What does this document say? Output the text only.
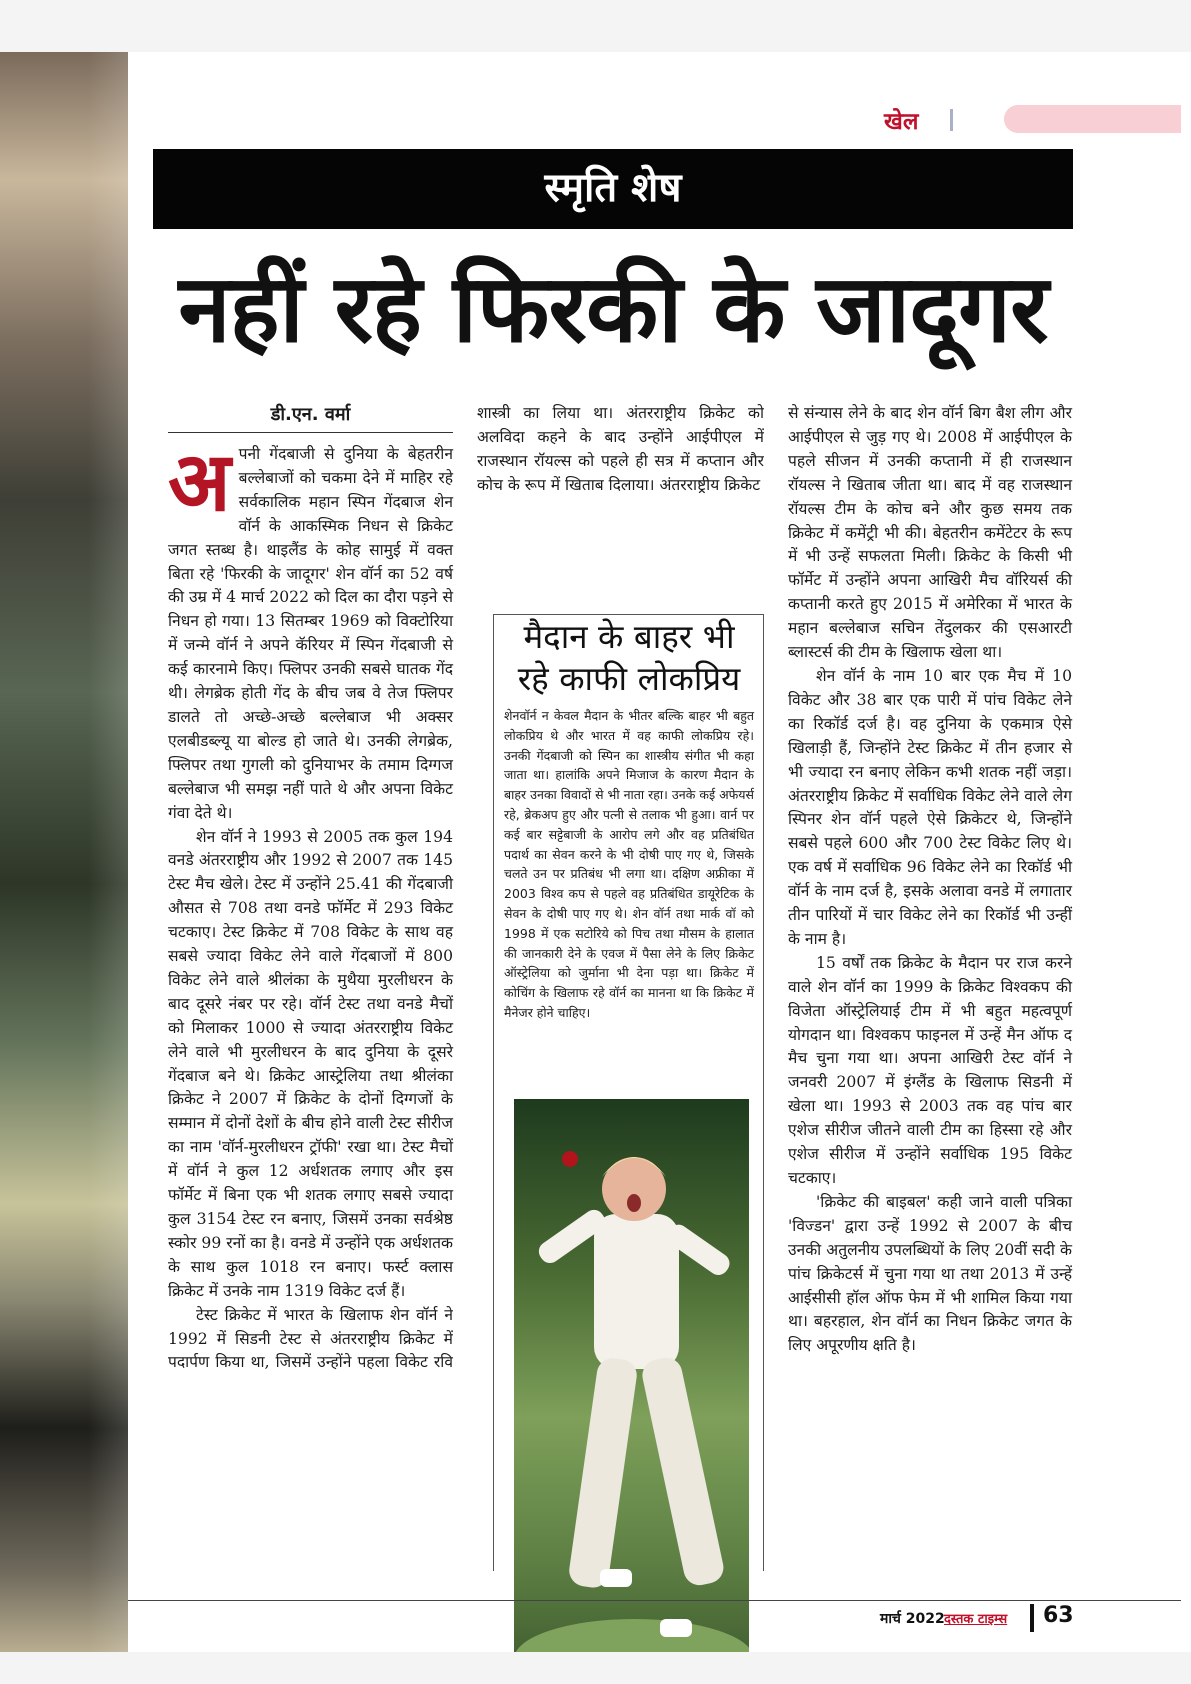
खेल
स्मृति शेष
नहीं रहे फिरकी के जादूगर
डी.एन. वर्मा
अ पनी गेंदबाजी से दुनिया के बेहतरीन बल्लेबाजों को चकमा देने में माहिर रहे सर्वकालिक महान स्पिन गेंदबाज शेन वॉर्न के आकस्मिक निधन से क्रिकेट जगत स्तब्ध है। थाइलैंड के कोह सामुई में वक्त बिता रहे 'फिरकी के जादूगर' शेन वॉर्न का 52 वर्ष की उम्र में 4 मार्च 2022 को दिल का दौरा पड़ने से निधन हो गया। 13 सितम्बर 1969 को विक्टोरिया में जन्मे वॉर्न ने अपने कॅरियर में स्पिन गेंदबाजी से कई कारनामे किए। फ्लिपर उनकी सबसे घातक गेंद थी। लेगब्रेक होती गेंद के बीच जब वे तेज फ्लिपर डालते तो अच्छे-अच्छे बल्लेबाज भी अक्सर एलबीडब्ल्यू या बोल्ड हो जाते थे। उनकी लेगब्रेक, फ्लिपर तथा गुगली को दुनियाभर के तमाम दिग्गज बल्लेबाज भी समझ नहीं पाते थे और अपना विकेट गंवा देते थे।

शेन वॉर्न ने 1993 से 2005 तक कुल 194 वनडे अंतरराष्ट्रीय और 1992 से 2007 तक 145 टेस्ट मैच खेले। टेस्ट में उन्होंने 25.41 की गेंदबाजी औसत से 708 तथा वनडे फॉर्मेट में 293 विकेट चटकाए। टेस्ट क्रिकेट में 708 विकेट के साथ वह सबसे ज्यादा विकेट लेने वाले गेंदबाजों में 800 विकेट लेने वाले श्रीलंका के मुथैया मुरलीधरन के बाद दूसरे नंबर पर रहे। वॉर्न टेस्ट तथा वनडे मैचों को मिलाकर 1000 से ज्यादा अंतरराष्ट्रीय विकेट लेने वाले भी मुरलीधरन के बाद दुनिया के दूसरे गेंदबाज बने थे। क्रिकेट आस्ट्रेलिया तथा श्रीलंका क्रिकेट ने 2007 में क्रिकेट के दोनों दिग्गजों के सम्मान में दोनों देशों के बीच होने वाली टेस्ट सीरीज का नाम 'वॉर्न-मुरलीधरन ट्रॉफी' रखा था। टेस्ट मैचों में वॉर्न ने कुल 12 अर्धशतक लगाए और इस फॉर्मेट में बिना एक भी शतक लगाए सबसे ज्यादा कुल 3154 टेस्ट रन बनाए, जिसमें उनका सर्वश्रेष्ठ स्कोर 99 रनों का है। वनडे में उन्होंने एक अर्धशतक के साथ कुल 1018 रन बनाए। फर्स्ट क्लास क्रिकेट में उनके नाम 1319 विकेट दर्ज हैं।

टेस्ट क्रिकेट में भारत के खिलाफ शेन वॉर्न ने 1992 में सिडनी टेस्ट से अंतरराष्ट्रीय क्रिकेट में पदार्पण किया था, जिसमें उन्होंने पहला विकेट रवि

शास्त्री का लिया था। अंतरराष्ट्रीय क्रिकेट को अलविदा कहने के बाद उन्होंने आईपीएल में राजस्थान रॉयल्स को पहले ही सत्र में कप्तान और कोच के रूप में खिताब दिलाया। अंतरराष्ट्रीय क्रिकेट

मैदान के बाहर भी
रहे काफी लोकप्रिय
शेनवॉर्न न केवल मैदान के भीतर बल्कि बाहर भी बहुत लोकप्रिय थे और भारत में वह काफी लोकप्रिय रहे। उनकी गेंदबाजी को स्पिन का शास्त्रीय संगीत भी कहा जाता था। हालांकि अपने मिजाज के कारण मैदान के बाहर उनका विवादों से भी नाता रहा। उनके कई अफेयर्स रहे, ब्रेकअप हुए और पत्नी से तलाक भी हुआ। वार्न पर कई बार सट्टेबाजी के आरोप लगे और वह प्रतिबंधित पदार्थ का सेवन करने के भी दोषी पाए गए थे, जिसके चलते उन पर प्रतिबंध भी लगा था। दक्षिण अफ्रीका में 2003 विश्व कप से पहले वह प्रतिबंधित डायूरेटिक के सेवन के दोषी पाए गए थे। शेन वॉर्न तथा मार्क वॉ को 1998 में एक सटोरिये को पिच तथा मौसम के हालात की जानकारी देने के एवज में पैसा लेने के लिए क्रिकेट ऑस्ट्रेलिया को जुर्माना भी देना पड़ा था। क्रिकेट में कोचिंग के खिलाफ रहे वॉर्न का मानना था कि क्रिकेट में मैनेजर होने चाहिए।

से संन्यास लेने के बाद शेन वॉर्न बिग बैश लीग और आईपीएल से जुड़ गए थे। 2008 में आईपीएल के पहले सीजन में उनकी कप्तानी में ही राजस्थान रॉयल्स ने खिताब जीता था। बाद में वह राजस्थान रॉयल्स टीम के कोच बने और कुछ समय तक क्रिकेट में कमेंट्री भी की। बेहतरीन कमेंटेटर के रूप में भी उन्हें सफलता मिली। क्रिकेट के किसी भी फॉर्मेट में उन्होंने अपना आखिरी मैच वॉरियर्स की कप्तानी करते हुए 2015 में अमेरिका में भारत के महान बल्लेबाज सचिन तेंदुलकर की एसआरटी ब्लास्टर्स की टीम के खिलाफ खेला था।

शेन वॉर्न के नाम 10 बार एक मैच में 10 विकेट और 38 बार एक पारी में पांच विकेट लेने का रिकॉर्ड दर्ज है। वह दुनिया के एकमात्र ऐसे खिलाड़ी हैं, जिन्होंने टेस्ट क्रिकेट में तीन हजार से भी ज्यादा रन बनाए लेकिन कभी शतक नहीं जड़ा। अंतरराष्ट्रीय क्रिकेट में सर्वाधिक विकेट लेने वाले लेग स्पिनर शेन वॉर्न पहले ऐसे क्रिकेटर थे, जिन्होंने सबसे पहले 600 और 700 टेस्ट विकेट लिए थे। एक वर्ष में सर्वाधिक 96 विकेट लेने का रिकॉर्ड भी वॉर्न के नाम दर्ज है, इसके अलावा वनडे में लगातार तीन पारियों में चार विकेट लेने का रिकॉर्ड भी उन्हीं के नाम है।

15 वर्षों तक क्रिकेट के मैदान पर राज करने वाले शेन वॉर्न का 1999 के क्रिकेट विश्वकप की विजेता ऑस्ट्रेलियाई टीम में भी बहुत महत्वपूर्ण योगदान था। विश्वकप फाइनल में उन्हें मैन ऑफ द मैच चुना गया था। अपना आखिरी टेस्ट वॉर्न ने जनवरी 2007 में इंग्लैंड के खिलाफ सिडनी में खेला था। 1993 से 2003 तक वह पांच बार एशेज सीरीज जीतने वाली टीम का हिस्सा रहे और एशेज सीरीज में उन्होंने सर्वाधिक 195 विकेट चटकाए।

'क्रिकेट की बाइबल' कही जाने वाली पत्रिका 'विज्डन' द्वारा उन्हें 1992 से 2007 के बीच उनकी अतुलनीय उपलब्धियों के लिए 20वीं सदी के पांच क्रिकेटर्स में चुना गया था तथा 2013 में उन्हें आईसीसी हॉल ऑफ फेम में भी शामिल किया गया था। बहरहाल, शेन वॉर्न का निधन क्रिकेट जगत के लिए अपूरणीय क्षति है।

मार्च 2022 दस्तक टाइम्स 63
